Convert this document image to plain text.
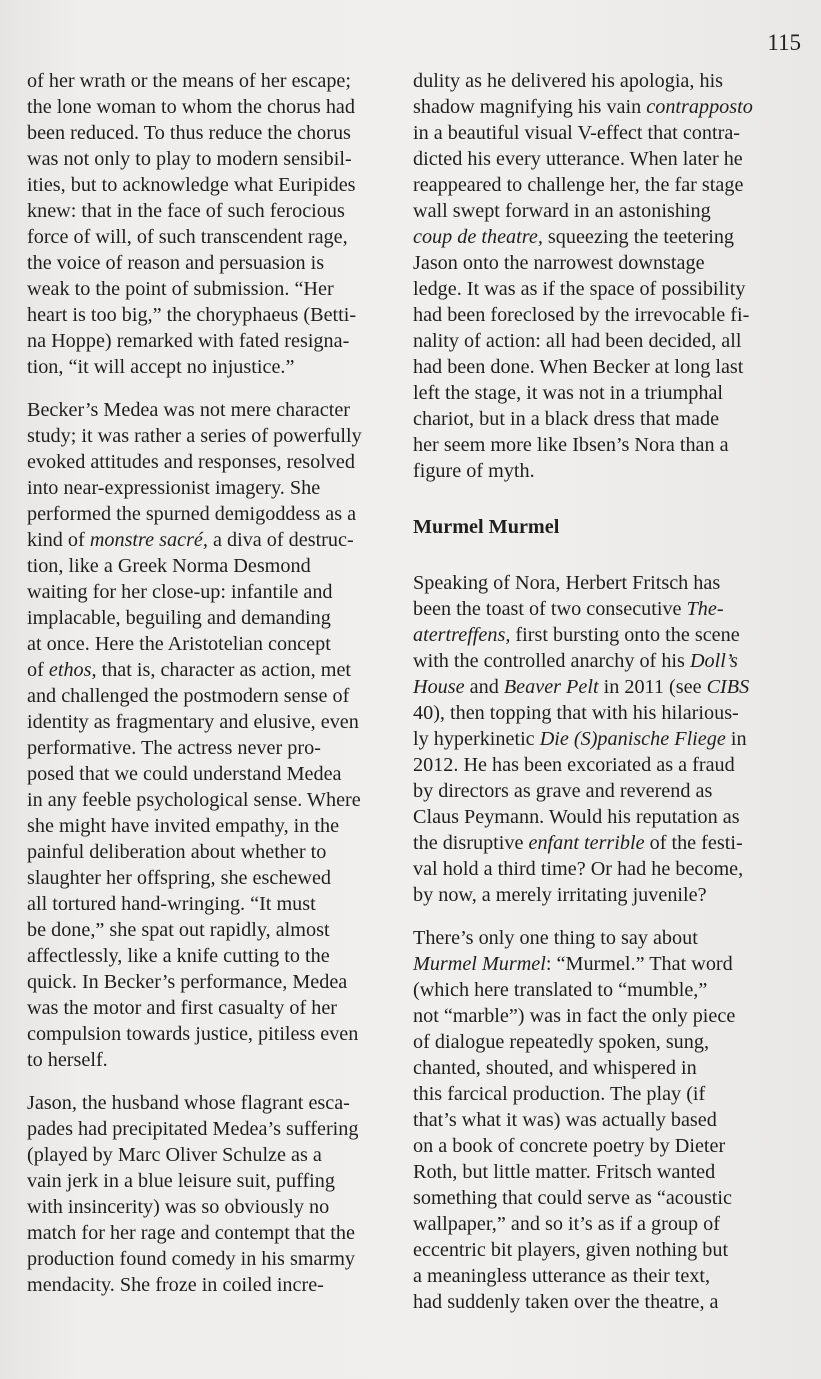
115

of her wrath or the means of her escape;
the lone woman to whom the chorus had
been reduced. To thus reduce the chorus
was not only to play to modern sensibil-
ities, but to acknowledge what Euripides
knew: that in the face of such ferocious
force of will, of such transcendent rage,
the voice of reason and persuasion is
weak to the point of submission. “Her
heart is too big,” the choryphaeus (Betti-
na Hoppe) remarked with fated resigna-
tion, “it will accept no injustice.”

Becker’s Medea was not mere character
study; it was rather a series of powerfully
evoked attitudes and responses, resolved
into near-expressionist imagery. She
performed the spurned demigoddess as a
kind of monstre sacré, a diva of destruc-
tion, like a Greek Norma Desmond
waiting for her close-up: infantile and
implacable, beguiling and demanding
at once. Here the Aristotelian concept
of ethos, that is, character as action, met
and challenged the postmodern sense of
identity as fragmentary and elusive, even
performative. The actress never pro-
posed that we could understand Medea
in any feeble psychological sense. Where
she might have invited empathy, in the
painful deliberation about whether to
slaughter her offspring, she eschewed
all tortured hand-wringing. “It must
be done,” she spat out rapidly, almost
affectlessly, like a knife cutting to the
quick. In Becker’s performance, Medea
was the motor and first casualty of her
compulsion towards justice, pitiless even
to herself.

Jason, the husband whose flagrant esca-
pades had precipitated Medea’s suffering
(played by Marc Oliver Schulze as a
vain jerk in a blue leisure suit, puffing
with insincerity) was so obviously no
match for her rage and contempt that the
production found comedy in his smarmy
mendacity. She froze in coiled incre-

dulity as he delivered his apologia, his
shadow magnifying his vain contrapposto
in a beautiful visual V-effect that contra-
dicted his every utterance. When later he
reappeared to challenge her, the far stage
wall swept forward in an astonishing
coup de theatre, squeezing the teetering
Jason onto the narrowest downstage
ledge. It was as if the space of possibility
had been foreclosed by the irrevocable fi-
nality of action: all had been decided, all
had been done. When Becker at long last
left the stage, it was not in a triumphal
chariot, but in a black dress that made
her seem more like Ibsen’s Nora than a
figure of myth.

Murmel Murmel

Speaking of Nora, Herbert Fritsch has
been the toast of two consecutive The-
atertreffens, first bursting onto the scene
with the controlled anarchy of his Doll’s
House and Beaver Pelt in 2011 (see CIBS
40), then topping that with his hilarious-
ly hyperkinetic Die (S)panische Fliege in
2012. He has been excoriated as a fraud
by directors as grave and reverend as
Claus Peymann. Would his reputation as
the disruptive enfant terrible of the festi-
val hold a third time? Or had he become,
by now, a merely irritating juvenile?

There’s only one thing to say about
Murmel Murmel: “Murmel.” That word
(which here translated to “mumble,”
not “marble”) was in fact the only piece
of dialogue repeatedly spoken, sung,
chanted, shouted, and whispered in
this farcical production. The play (if
that’s what it was) was actually based
on a book of concrete poetry by Dieter
Roth, but little matter. Fritsch wanted
something that could serve as “acoustic
wallpaper,” and so it’s as if a group of
eccentric bit players, given nothing but
a meaningless utterance as their text,
had suddenly taken over the theatre, a
